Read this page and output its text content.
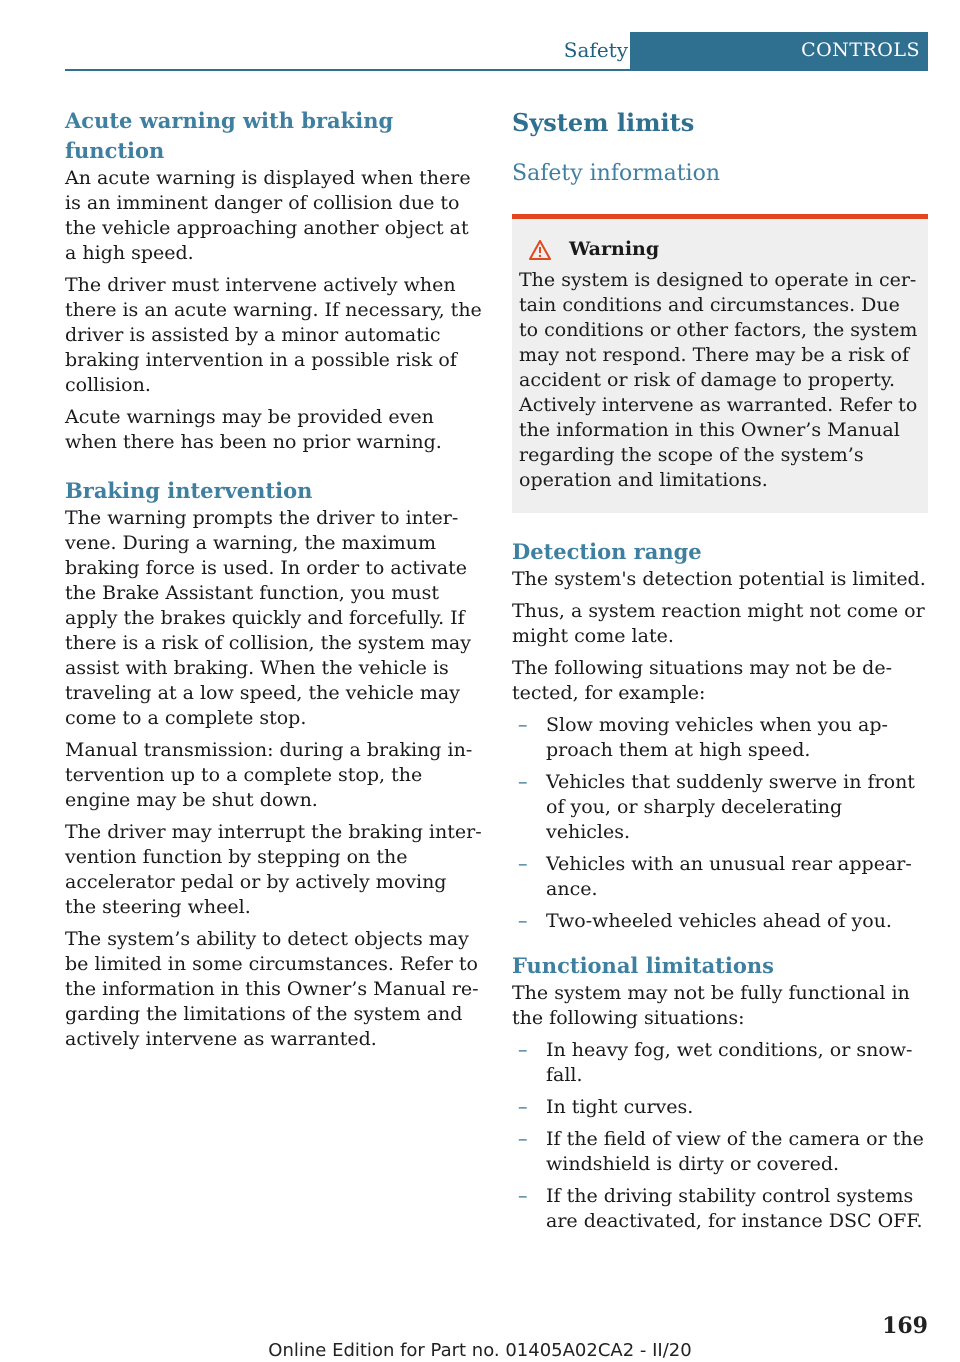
Safety	CONTROLS
Acute warning with braking function

An acute warning is displayed when there is an imminent danger of collision due to the vehicle approaching another object at a high speed.

The driver must intervene actively when there is an acute warning. If necessary, the driver is assisted by a minor automatic braking intervention in a possible risk of collision.

Acute warnings may be provided even when there has been no prior warning.

Braking intervention

The warning prompts the driver to intervene. During a warning, the maximum braking force is used. In order to activate the Brake Assistant function, you must apply the brakes quickly and forcefully. If there is a risk of collision, the system may assist with braking. When the vehicle is traveling at a low speed, the vehicle may come to a complete stop.

Manual transmission: during a braking intervention up to a complete stop, the engine may be shut down.

The driver may interrupt the braking intervention function by stepping on the accelerator pedal or by actively moving the steering wheel.

The system’s ability to detect objects may be limited in some circumstances. Refer to the information in this Owner’s Manual regarding the limitations of the system and actively intervene as warranted.

System limits
Safety information
Warning

The system is designed to operate in certain conditions and circumstances. Due to conditions or other factors, the system may not respond. There may be a risk of accident or risk of damage to property. Actively intervene as warranted. Refer to the information in this Owner’s Manual regarding the scope of the system’s operation and limitations.

Detection range

The system's detection potential is limited.

Thus, a system reaction might not come or might come late.

The following situations may not be detected, for example:

– Slow moving vehicles when you approach them at high speed.
– Vehicles that suddenly swerve in front of you, or sharply decelerating vehicles.
– Vehicles with an unusual rear appearance.
– Two-wheeled vehicles ahead of you.
Functional limitations

The system may not be fully functional in the following situations:

– In heavy fog, wet conditions, or snowfall.
– In tight curves.
– If the field of view of the camera or the windshield is dirty or covered.
– If the driving stability control systems are deactivated, for instance DSC OFF.
169
Online Edition for Part no. 01405A02CA2 - II/20
